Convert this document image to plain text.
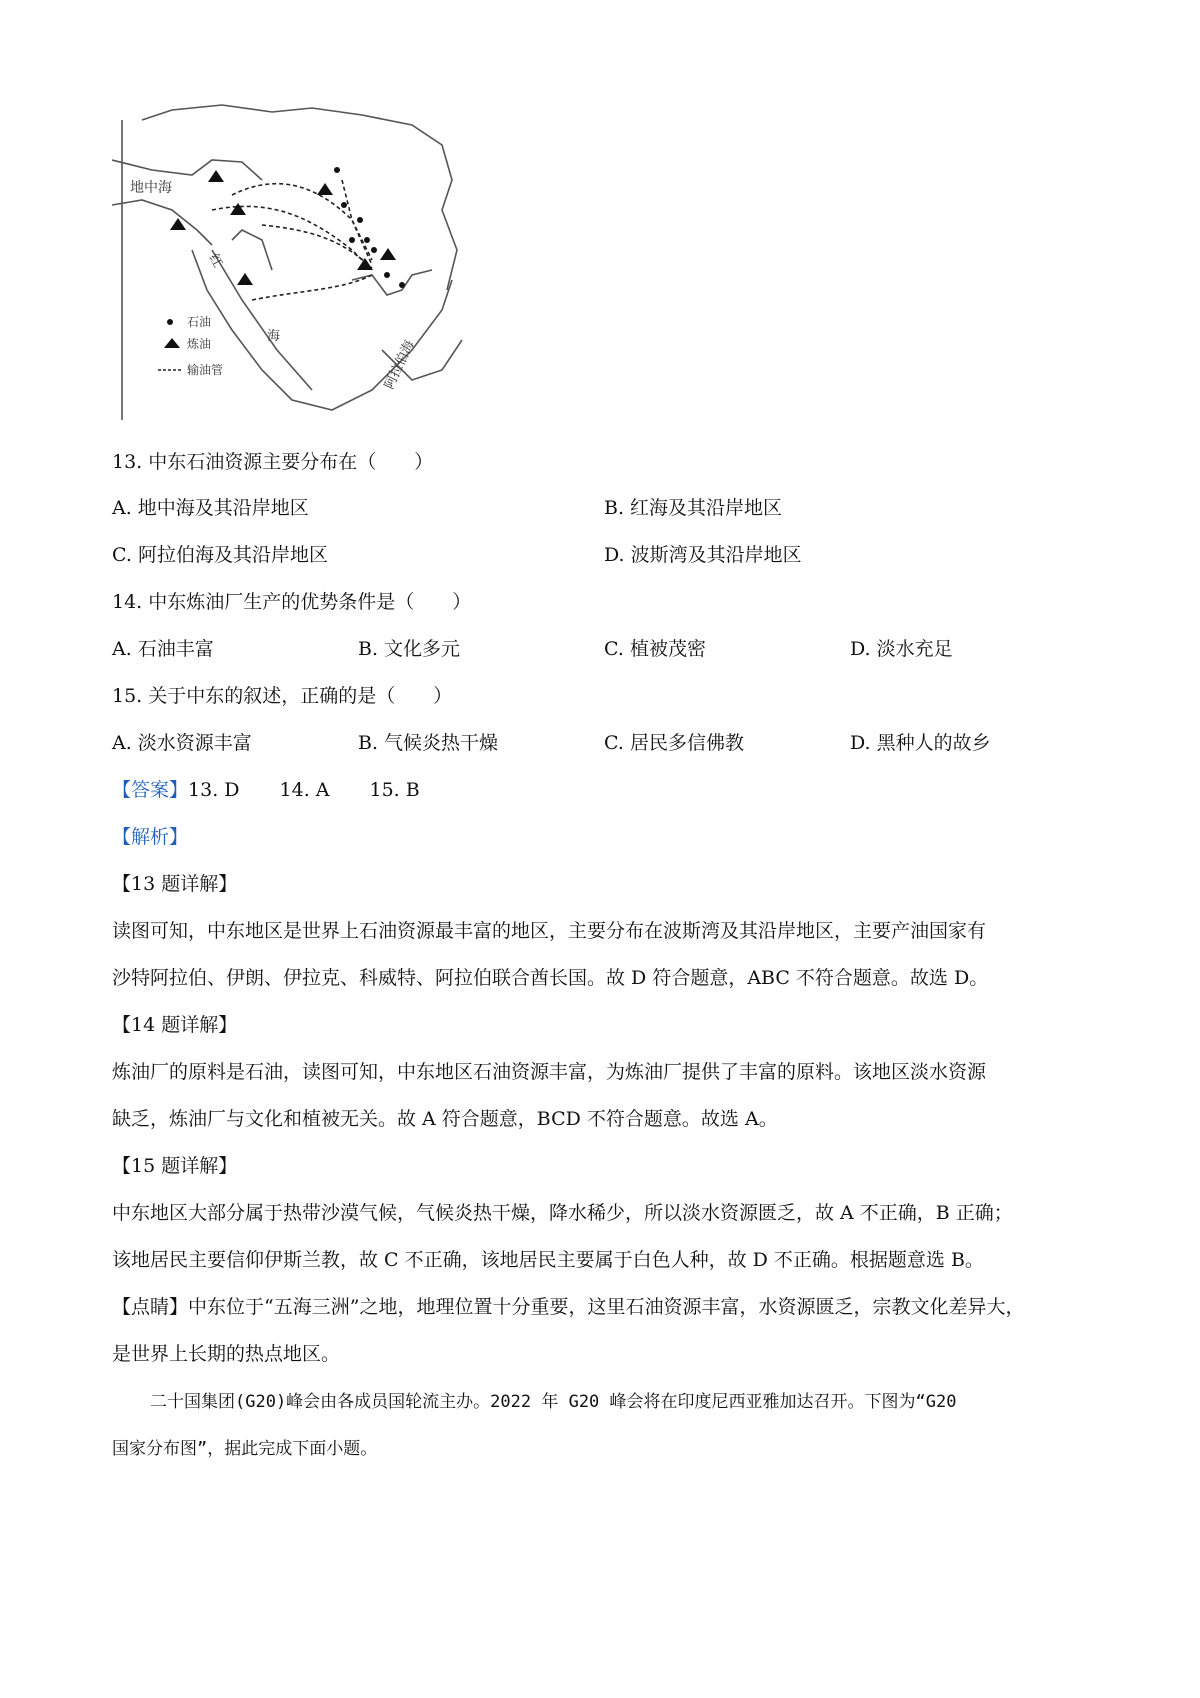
地中海
红
海
阿拉伯海
石油
炼油
输油管
13. 中东石油资源主要分布在（　　）
A. 地中海及其沿岸地区	B. 红海及其沿岸地区
C. 阿拉伯海及其沿岸地区	D. 波斯湾及其沿岸地区
14. 中东炼油厂生产的优势条件是（　　）
A. 石油丰富	B. 文化多元	C. 植被茂密	D. 淡水充足
15. 关于中东的叙述，正确的是（　　）
A. 淡水资源丰富	B. 气候炎热干燥	C. 居民多信佛教	D. 黑种人的故乡
【答案】13. D 14. A 15. B
【解析】
【13 题详解】
读图可知，中东地区是世界上石油资源最丰富的地区，主要分布在波斯湾及其沿岸地区，主要产油国家有
沙特阿拉伯、伊朗、伊拉克、科威特、阿拉伯联合酋长国。故 D 符合题意，ABC 不符合题意。故选 D。
【14 题详解】
炼油厂的原料是石油，读图可知，中东地区石油资源丰富，为炼油厂提供了丰富的原料。该地区淡水资源
缺乏，炼油厂与文化和植被无关。故 A 符合题意，BCD 不符合题意。故选 A。
【15 题详解】
中东地区大部分属于热带沙漠气候，气候炎热干燥，降水稀少，所以淡水资源匮乏，故 A 不正确，B 正确；
该地居民主要信仰伊斯兰教，故 C 不正确，该地居民主要属于白色人种，故 D 不正确。根据题意选 B。
【点睛】中东位于“五海三洲”之地，地理位置十分重要，这里石油资源丰富，水资源匮乏，宗教文化差异大，
是世界上长期的热点地区。
二十国集团(G20)峰会由各成员国轮流主办。2022 年 G20 峰会将在印度尼西亚雅加达召开。下图为“G20
国家分布图”，据此完成下面小题。
